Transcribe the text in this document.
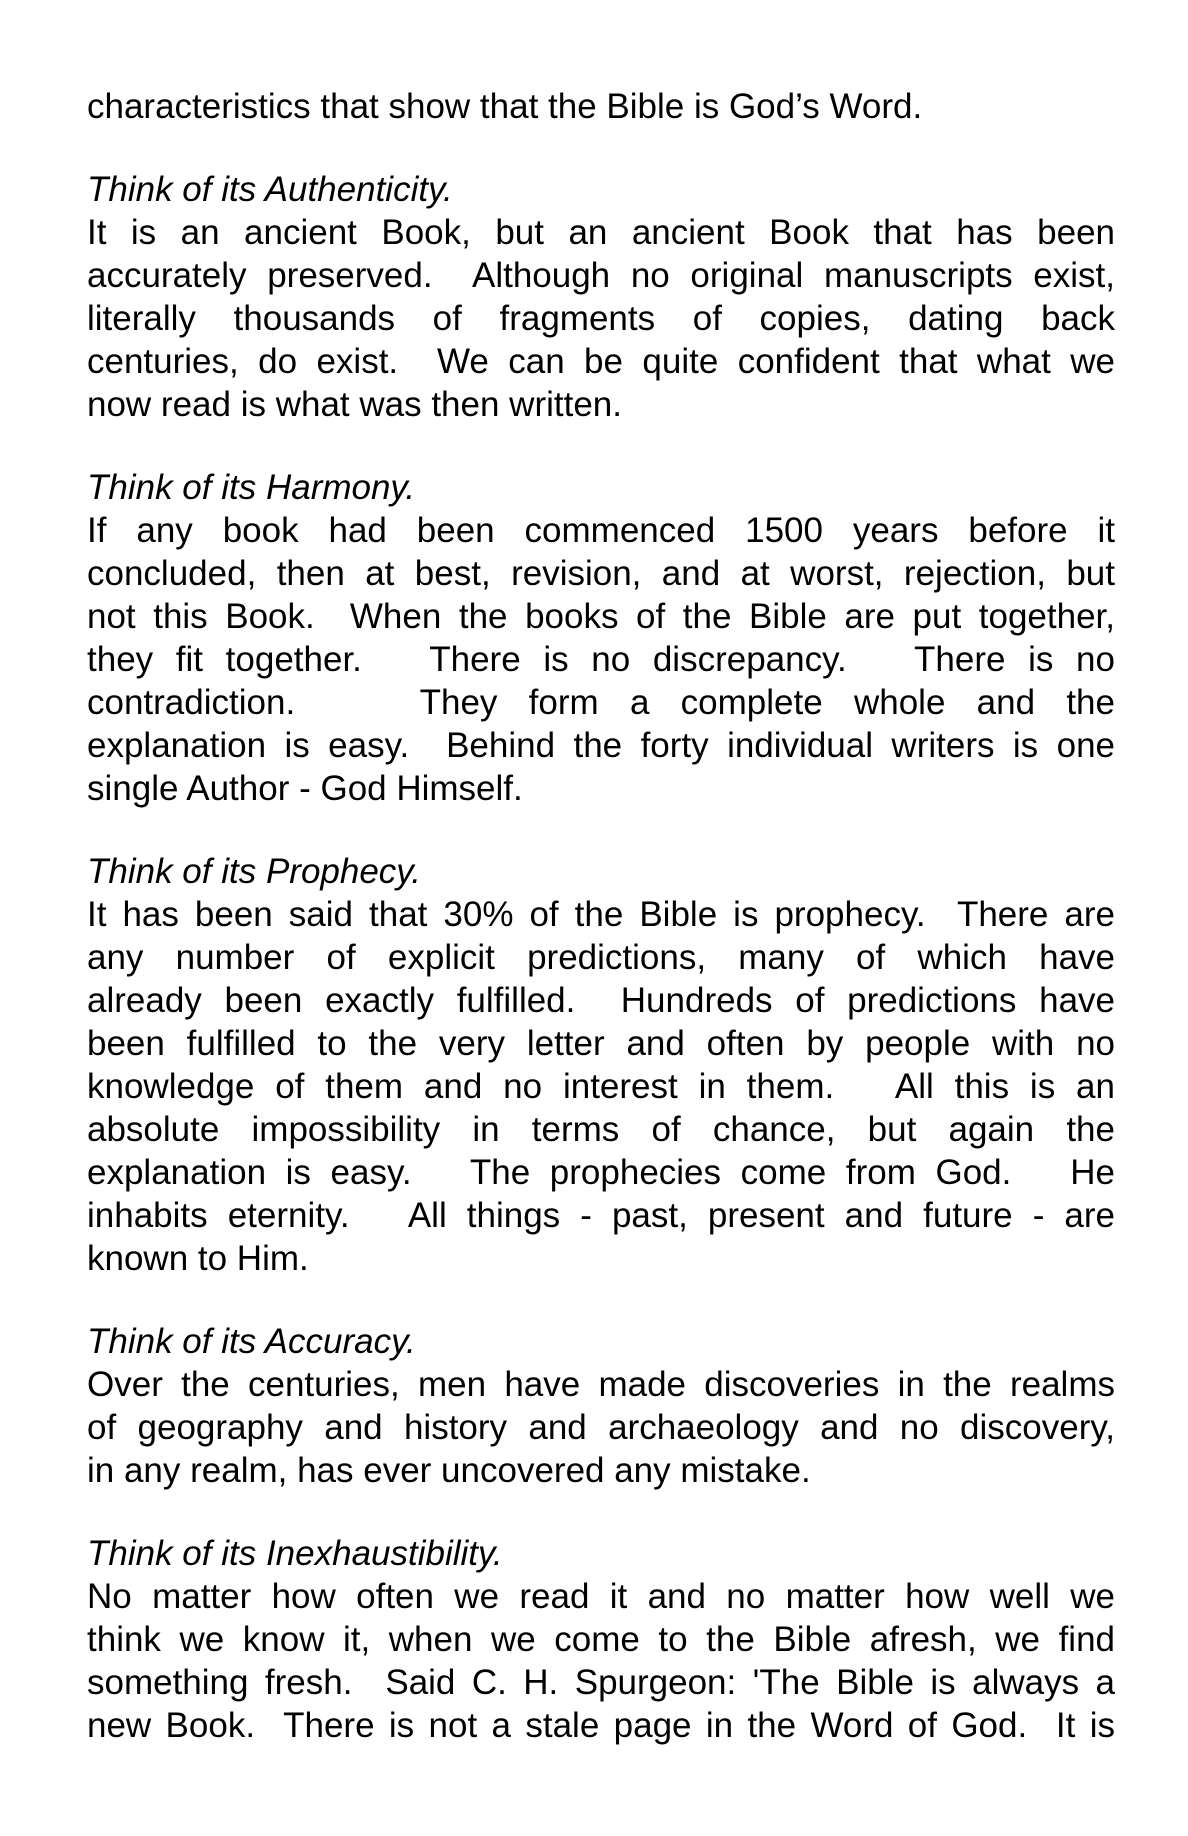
characteristics that show that the Bible is God’s Word.

Think of its Authenticity.
It is an ancient Book, but an ancient Book that has been
accurately preserved.  Although no original manuscripts exist,
literally thousands of fragments of copies, dating back
centuries, do exist.  We can be quite confident that what we
now read is what was then written.
Think of its Harmony.
If any book had been commenced 1500 years before it
concluded, then at best, revision, and at worst, rejection, but
not this Book.  When the books of the Bible are put together,
they fit together.   There is no discrepancy.   There is no
contradiction.    They form a complete whole and the
explanation is easy.  Behind the forty individual writers is one
single Author - God Himself.
Think of its Prophecy.
It has been said that 30% of the Bible is prophecy.  There are
any number of explicit predictions, many of which have
already been exactly fulfilled.  Hundreds of predictions have
been fulfilled to the very letter and often by people with no
knowledge of them and no interest in them.   All this is an
absolute impossibility in terms of chance, but again the
explanation is easy.   The prophecies come from God.   He
inhabits eternity.   All things - past, present and future - are
known to Him.
Think of its Accuracy.
Over the centuries, men have made discoveries in the realms
of geography and history and archaeology and no discovery,
in any realm, has ever uncovered any mistake.
Think of its Inexhaustibility.
No matter how often we read it and no matter how well we
think we know it, when we come to the Bible afresh, we find
something fresh.  Said C. H. Spurgeon: 'The Bible is always a
new Book.  There is not a stale page in the Word of God.  It is
